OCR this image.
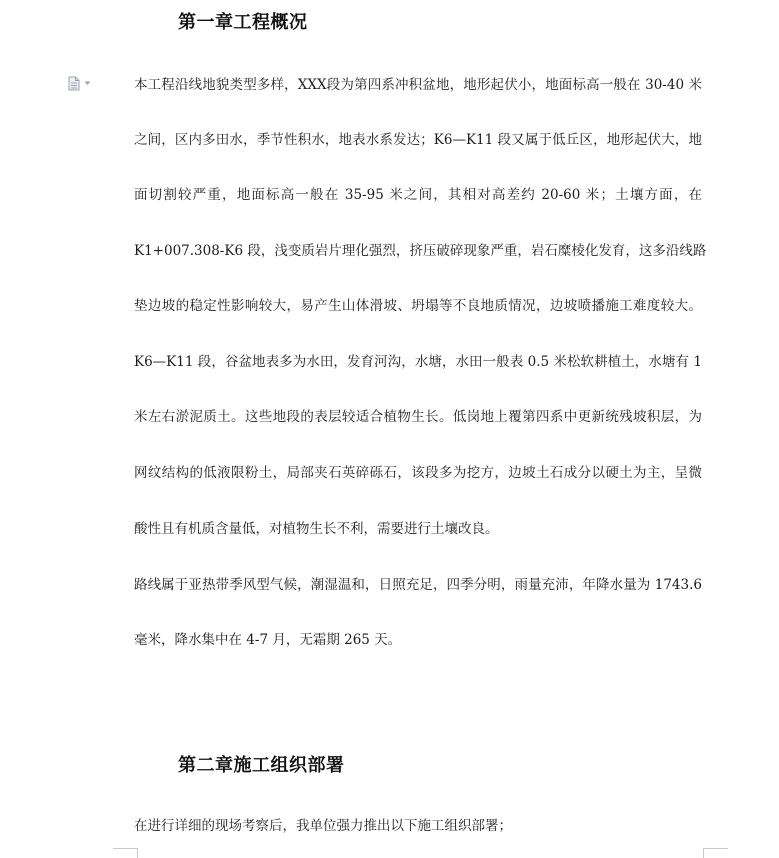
第一章工程概况
本工程沿线地貌类型多样，XXX段为第四系冲积盆地，地形起伏小，地面标高一般在 30-40 米
之间，区内多田水，季节性积水，地表水系发达；K6—K11 段又属于低丘区，地形起伏大，地
面切割较严重，地面标高一般在 35-95 米之间，其相对高差约 20-60 米；土壤方面，在
K1+007.308-K6 段，浅变质岩片理化强烈，挤压破碎现象严重，岩石糜棱化发育，这多沿线路
垫边坡的稳定性影响较大，易产生山体滑坡、坍塌等不良地质情况，边坡喷播施工难度较大。
K6—K11 段，谷盆地表多为水田，发育河沟，水塘，水田一般表 0.5 米松软耕植土，水塘有 1
米左右淤泥质土。这些地段的表层较适合植物生长。低岗地上覆第四系中更新统残坡积层，为
网纹结构的低液限粉土，局部夹石英碎砾石，该段多为挖方，边坡土石成分以硬土为主，呈微
酸性且有机质含量低，对植物生长不利，需要进行土壤改良。
路线属于亚热带季风型气候，潮湿温和，日照充足，四季分明，雨量充沛，年降水量为 1743.6
毫米，降水集中在 4-7 月，无霜期 265 天。
第二章施工组织部署
在进行详细的现场考察后，我单位强力推出以下施工组织部署；
